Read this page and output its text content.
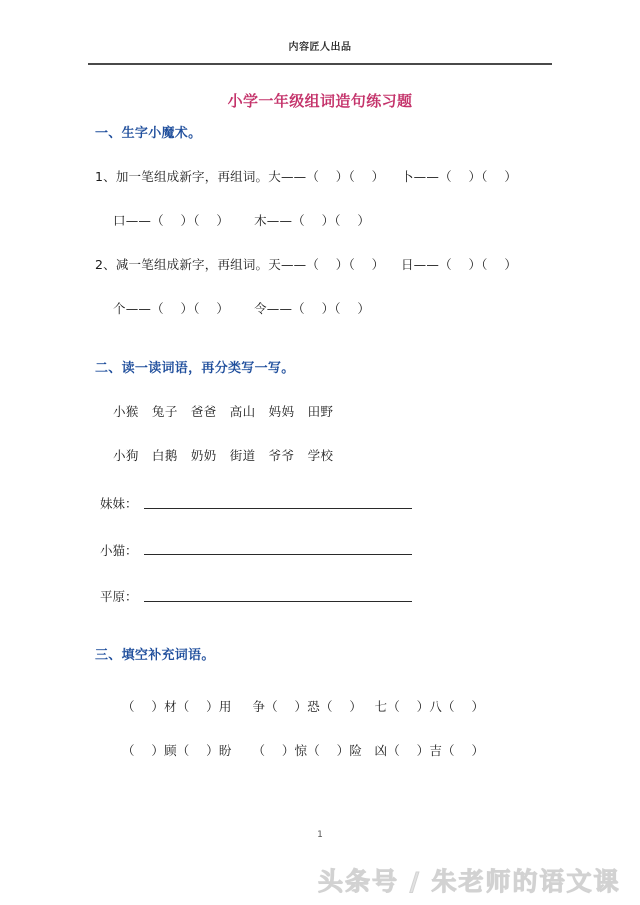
内容匠人出品
小学一年级组词造句练习题
一、生字小魔术。
1、加一笔组成新字，再组词。大——（    ）（    ）    卜——（    ）（    ）
口——（    ）（    ）      木——（    ）（    ）
2、减一笔组成新字，再组词。天——（    ）（    ）    日——（    ）（    ）
个——（    ）（    ）      令——（    ）（    ）
二、读一读词语，再分类写一写。
小猴   兔子   爸爸   高山   妈妈   田野
小狗   白鹅   奶奶   街道   爷爷   学校
妹妹：
小猫：
平原：
三、填空补充词语。
（    ）材（    ）用     争（    ）恐（    ）   七（    ）八（    ）
（    ）顾（    ）盼     （    ）惊（    ）险   凶（    ）吉（    ）
1
头条号 / 朱老师的语文课
